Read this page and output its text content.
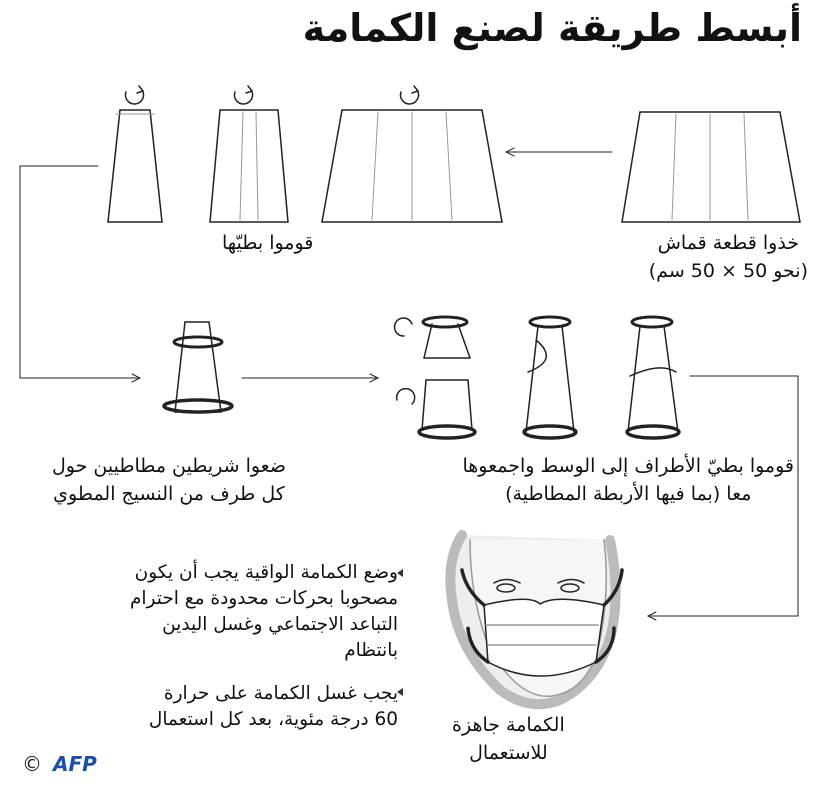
أبسط طريقة لصنع الكمامة
خذوا قطعة قماش
(نحو 50 × 50 سم)
قوموا بطيّها
قوموا بطيّ الأطراف إلى الوسط واجمعوها
معا (بما فيها الأربطة المطاطية)
ضعوا شريطين مطاطيين حول
كل طرف من النسيج المطوي
الكمامة جاهزة
للاستعمال
وضع الكمامة الواقية يجب أن يكون
مصحوبا بحركات محدودة مع احترام
التباعد الاجتماعي وغسل اليدين
بانتظام
يجب غسل الكمامة على حرارة
60 درجة مئوية، بعد كل استعمال
© AFP
